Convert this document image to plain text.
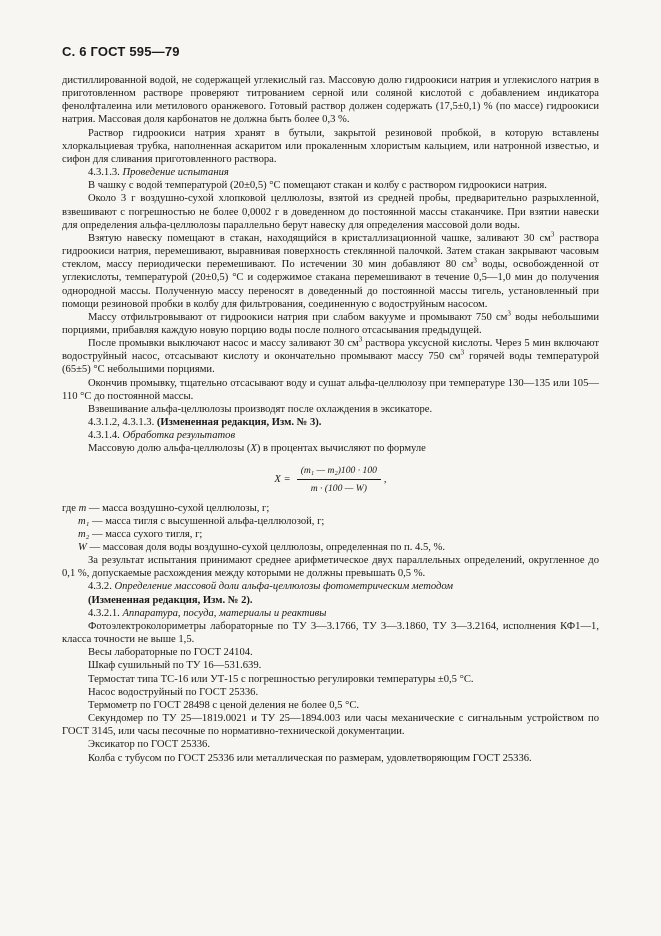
С. 6 ГОСТ 595—79

дистиллированной водой, не содержащей углекислый газ. Массовую долю гидроокиси натрия и углекислого натрия в приготовленном растворе проверяют титрованием серной или соляной кислотой с добавлением индикатора фенолфталеина или метилового оранжевого. Готовый раствор должен содержать (17,5±0,1) % (по массе) гидроокиси натрия. Массовая доля карбонатов не должна быть более 0,3 %.

Раствор гидроокиси натрия хранят в бутыли, закрытой резиновой пробкой, в которую вставлены хлоркальциевая трубка, наполненная аскаритом или прокаленным хлористым кальцием, или натронной известью, и сифон для сливания приготовленного раствора.

4.3.1.3. Проведение испытания

В чашку с водой температурой (20±0,5) °С помещают стакан и колбу с раствором гидроокиси натрия.

Около 3 г воздушно-сухой хлопковой целлюлозы, взятой из средней пробы, предварительно разрыхленной, взвешивают с погрешностью не более 0,0002 г в доведенном до постоянной массы стаканчике. При взятии навески для определения альфа-целлюлозы параллельно берут навеску для определения массовой доли воды.

Взятую навеску помещают в стакан, находящийся в кристаллизационной чашке, заливают 30 $см^3$ раствора гидроокиси натрия, перемешивают, выравнивая поверхность стеклянной палочкой. Затем стакан закрывают часовым стеклом, массу периодически перемешивают. По истечении 30 мин добавляют 80 $см^3$ воды, освобожденной от углекислоты, температурой (20±0,5) °С и содержимое стакана перемешивают в течение 0,5—1,0 мин до получения однородной массы. Полученную массу переносят в доведенный до постоянной массы тигель, установленный при помощи резиновой пробки в колбу для фильтрования, соединенную с водоструйным насосом.

Массу отфильтровывают от гидроокиси натрия при слабом вакууме и промывают 750 $см^3$ воды небольшими порциями, прибавляя каждую новую порцию воды после полного отсасывания предыдущей.

После промывки выключают насос и массу заливают 30 $см^3$ раствора уксусной кислоты. Через 5 мин включают водоструйный насос, отсасывают кислоту и окончательно промывают массу 750 $см^3$ горячей воды температурой (65±5) °С небольшими порциями.

Окончив промывку, тщательно отсасывают воду и сушат альфа-целлюлозу при температуре 130—135 или 105—110 °С до постоянной массы.

Взвешивание альфа-целлюлозы производят после охлаждения в эксикаторе.

4.3.1.2, 4.3.1.3. (Измененная редакция, Изм. № 3).

4.3.1.4. Обработка результатов

Массовую долю альфа-целлюлозы (X) в процентах вычисляют по формуле

$X = \frac{\text{(m₁ — m₂)100 · 100}}{m \cdot (100 — W)}$ ,

где m — масса воздушно-сухой целлюлозы, г;

m₁ — масса тигля с высушенной альфа-целлюлозой, г;

m₂ — масса сухого тигля, г;

W — массовая доля воды воздушно-сухой целлюлозы, определенная по п. 4.5, %.

За результат испытания принимают среднее арифметическое двух параллельных определений, округленное до 0,1 %, допускаемые расхождения между которыми не должны превышать 0,5 %.

4.3.2. Определение массовой доли альфа-целлюлозы фотометрическим методом

(Измененная редакция, Изм. № 2).

4.3.2.1. Аппаратура, посуда, материалы и реактивы

Фотоэлектроколориметры лабораторные по ТУ 3—3.1766, ТУ 3—3.1860, ТУ 3—3.2164, исполнения КФ1—1, класса точности не выше 1,5.

Весы лабораторные по ГОСТ 24104.

Шкаф сушильный по ТУ 16—531.639.

Термостат типа ТС-16 или УТ-15 с погрешностью регулировки температуры ±0,5 °С.

Насос водоструйный по ГОСТ 25336.

Термометр по ГОСТ 28498 с ценой деления не более 0,5 °С.

Секундомер по ТУ 25—1819.0021 и ТУ 25—1894.003 или часы механические с сигнальным устройством по ГОСТ 3145, или часы песочные по нормативно-технической документации.

Эксикатор по ГОСТ 25336.

Колба с тубусом по ГОСТ 25336 или металлическая по размерам, удовлетворяющим ГОСТ 25336.
